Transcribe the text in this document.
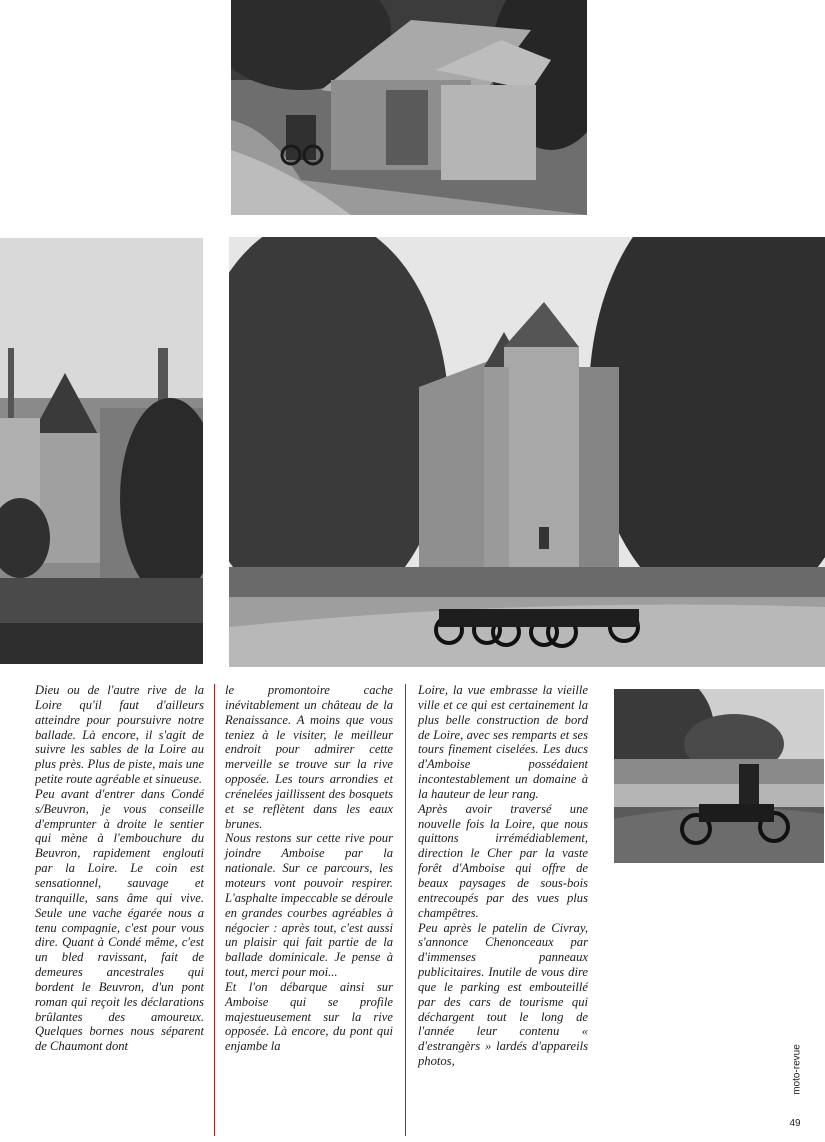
Dieu ou de l'autre rive de la Loire qu'il faut d'ailleurs atteindre pour poursuivre notre ballade. Là encore, il s'agit de suivre les sables de la Loire au plus près. Plus de piste, mais une petite route agréable et sinueuse.

Peu avant d'entrer dans Condé s/Beuvron, je vous conseille d'emprunter à droite le sentier qui mène à l'embouchure du Beuvron, rapidement englouti par la Loire. Le coin est sensationnel, sauvage et tranquille, sans âme qui vive. Seule une vache égarée nous a tenu compagnie, c'est pour vous dire. Quant à Condé même, c'est un bled ravissant, fait de demeures ancestrales qui bordent le Beuvron, d'un pont roman qui reçoit les déclarations brûlantes des amoureux. Quelques bornes nous séparent de Chaumont dont

le promontoire cache inévitablement un château de la Renaissance. A moins que vous teniez à le visiter, le meilleur endroit pour admirer cette merveille se trouve sur la rive opposée. Les tours arrondies et crénelées jaillissent des bosquets et se reflètent dans les eaux brunes.

Nous restons sur cette rive pour joindre Amboise par la nationale. Sur ce parcours, les moteurs vont pouvoir respirer. L'asphalte impeccable se déroule en grandes courbes agréables à négocier : après tout, c'est aussi un plaisir qui fait partie de la ballade dominicale. Je pense à tout, merci pour moi...

Et l'on débarque ainsi sur Amboise qui se profile majestueusement sur la rive opposée. Là encore, du pont qui enjambe la

Loire, la vue embrasse la vieille ville et ce qui est certainement la plus belle construction de bord de Loire, avec ses remparts et ses tours finement ciselées. Les ducs d'Amboise possédaient incontestablement un domaine à la hauteur de leur rang.

Après avoir traversé une nouvelle fois la Loire, que nous quittons irrémédiablement, direction le Cher par la vaste forêt d'Amboise qui offre de beaux paysages de sous-bois entrecoupés par des vues plus champêtres.

Peu après le patelin de Civray, s'annonce Chenonceaux par d'immenses panneaux publicitaires. Inutile de vous dire que le parking est embouteillé par des cars de tourisme qui déchargent tout le long de l'année leur contenu « d'estrangèrs » lardés d'appareils photos,	moto-revue
49
